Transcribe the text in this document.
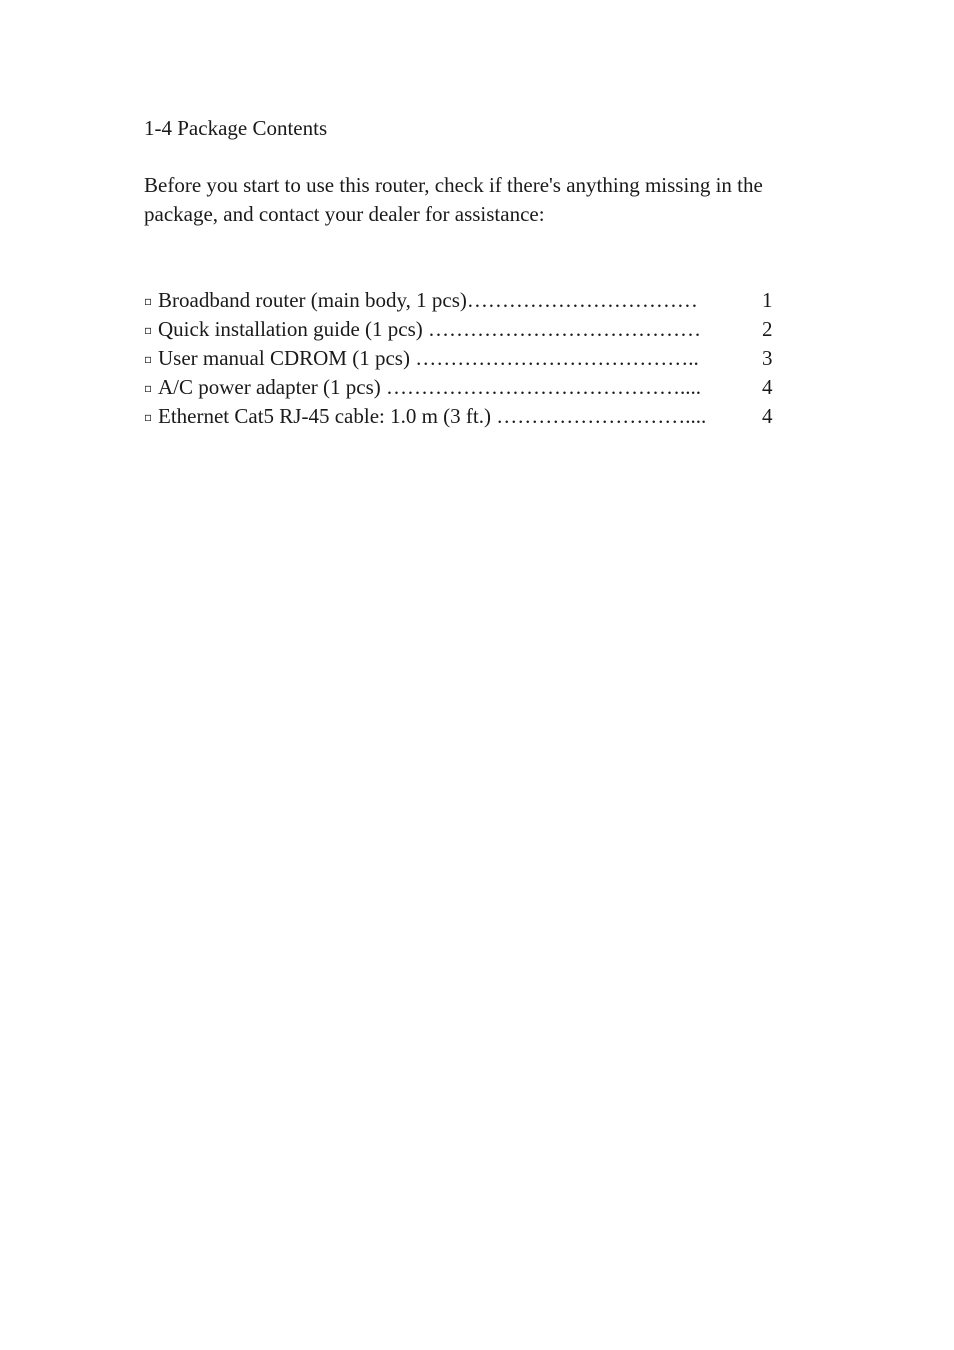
1-4 Package Contents

Before you start to use this router, check if there's anything missing in the package, and contact your dealer for assistance:

▫ Broadband router (main body, 1 pcs)……………………………	1
▫ Quick installation guide (1 pcs) …………………………………	2
▫ User manual CDROM (1 pcs) …………………………………..	3
▫ A/C power adapter (1 pcs) ……………………………………....	4
▫ Ethernet Cat5 RJ-45 cable: 1.0 m (3 ft.) ………………………....	4
